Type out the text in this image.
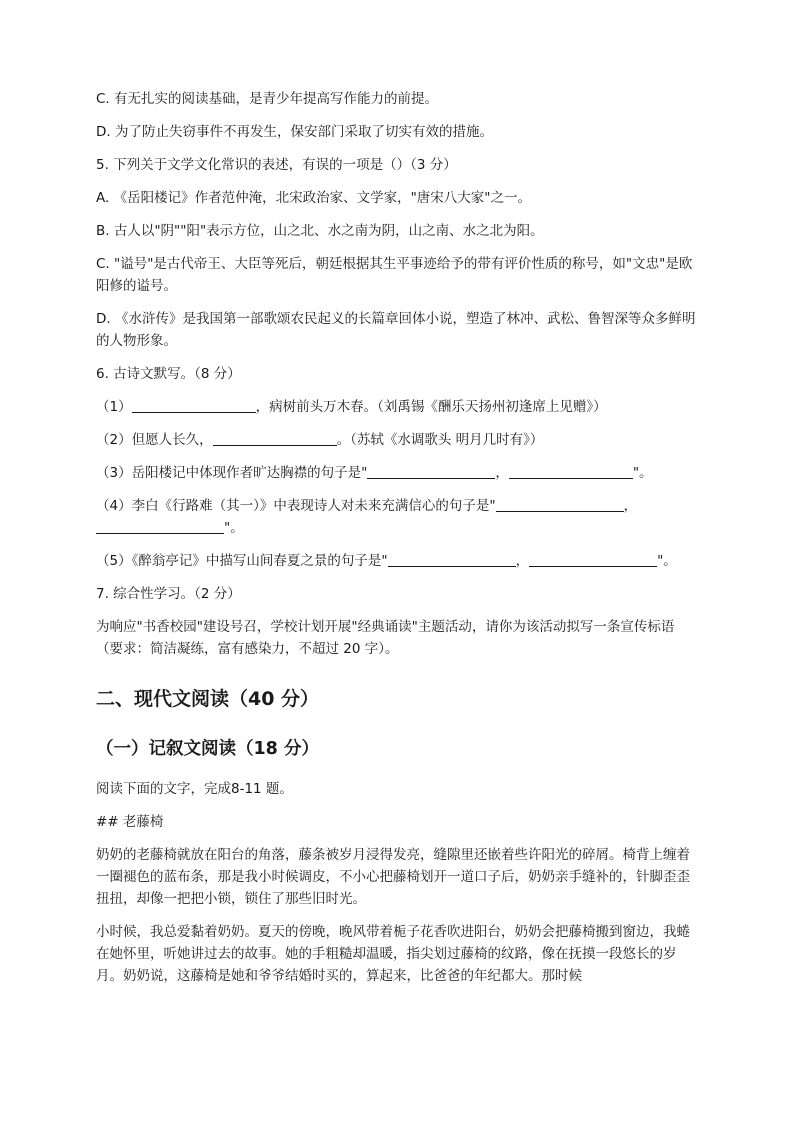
C. 有无扎实的阅读基础，是青少年提高写作能力的前提。

D. 为了防止失窃事件不再发生，保安部门采取了切实有效的措施。

5. 下列关于文学文化常识的表述，有误的一项是（）（3 分）

A. 《岳阳楼记》作者范仲淹，北宋政治家、文学家，"唐宋八大家"之一。

B. 古人以"阴""阳"表示方位，山之北、水之南为阴，山之南、水之北为阳。

C. "谥号"是古代帝王、大臣等死后，朝廷根据其生平事迹给予的带有评价性质的称号，如"文忠"是欧阳修的谥号。

D. 《水浒传》是我国第一部歌颂农民起义的长篇章回体小说，塑造了林冲、武松、鲁智深等众多鲜明的人物形象。

6. 古诗文默写。（8 分）

（1）	，病树前头万木春。（刘禹锡《酬乐天扬州初逢席上见赠》）

（2）但愿人长久，	。（苏轼《水调歌头 明月几时有》）

（3）岳阳楼记中体现作者旷达胸襟的句子是"	，	"。

（4）李白《行路难（其一）》中表现诗人对未来充满信心的句子是"	，
"。

（5）《醉翁亭记》中描写山间春夏之景的句子是"	，	"。

7. 综合性学习。（2 分）

为响应"书香校园"建设号召，学校计划开展"经典诵读"主题活动，请你为该活动拟写一条宣传标语（要求：简洁凝练，富有感染力，不超过 20 字）。

二、现代文阅读（40 分）
（一）记叙文阅读（18 分）

阅读下面的文字，完成8-11 题。

## 老藤椅

奶奶的老藤椅就放在阳台的角落，藤条被岁月浸得发亮，缝隙里还嵌着些许阳光的碎屑。椅背上缠着一圈褪色的蓝布条，那是我小时候调皮，不小心把藤椅划开一道口子后，奶奶亲手缝补的，针脚歪歪扭扭，却像一把把小锁，锁住了那些旧时光。

小时候，我总爱黏着奶奶。夏天的傍晚，晚风带着栀子花香吹进阳台，奶奶会把藤椅搬到窗边，我蜷在她怀里，听她讲过去的故事。她的手粗糙却温暖，指尖划过藤椅的纹路，像在抚摸一段悠长的岁月。奶奶说，这藤椅是她和爷爷结婚时买的，算起来，比爸爸的年纪都大。那时候
